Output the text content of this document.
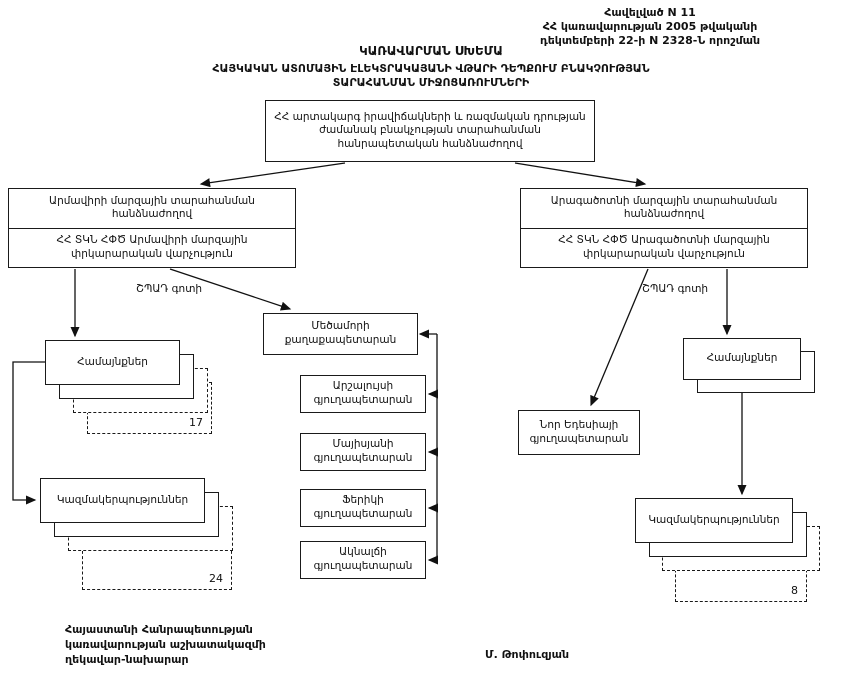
Հավելված N 11
ՀՀ կառավարության 2005 թվականի
դեկտեմբերի 22-ի N 2328-Ն որոշման
ԿԱՌԱՎԱՐՄԱՆ ՍԽԵՄԱ
ՀԱՅԿԱԿԱՆ ԱՏՈՄԱՅԻՆ ԷԼԵԿՏՐԱԿԱՅԱՆԻ ՎԹԱՐԻ ԴԵՊՔՈՒՄ ԲՆԱԿՉՈՒԹՅԱՆ
ՏԱՐԱՀԱՆՄԱՆ ՄԻՋՈՑԱՌՈՒՄՆԵՐԻ
ՀՀ արտակարգ իրավիճակների և ռազմական դրության ժամանակ բնակչության տարահանման հանրապետական հանձնաժողով
Արմավիրի մարզային տարահանման հանձնաժողով
ՀՀ ՏԿՆ ՀՓԾ Արմավիրի մարզային փրկարարական վարչություն
Արագածոտնի մարզային տարահանման հանձնաժողով
ՀՀ ՏԿՆ ՀՓԾ Արագածոտնի մարզային փրկարարական վարչություն
ՇՊԱԴ գոտի	ՇՊԱԴ գոտի
Մեծամորի քաղաքապետարան
Արշալույսի գյուղապետարան
Մայիսյանի գյուղապետարան
Ֆերիկի գյուղապետարան
Ակնալճի գյուղապետարան
Նոր Եդեսիայի գյուղապետարան
17
Համայնքներ
24
Կազմակերպություններ
Համայնքներ
8
Կազմակերպություններ
Հայաստանի Հանրապետության
կառավարության աշխատակազմի
ղեկավար-նախարար	Մ. Թոփուզյան
